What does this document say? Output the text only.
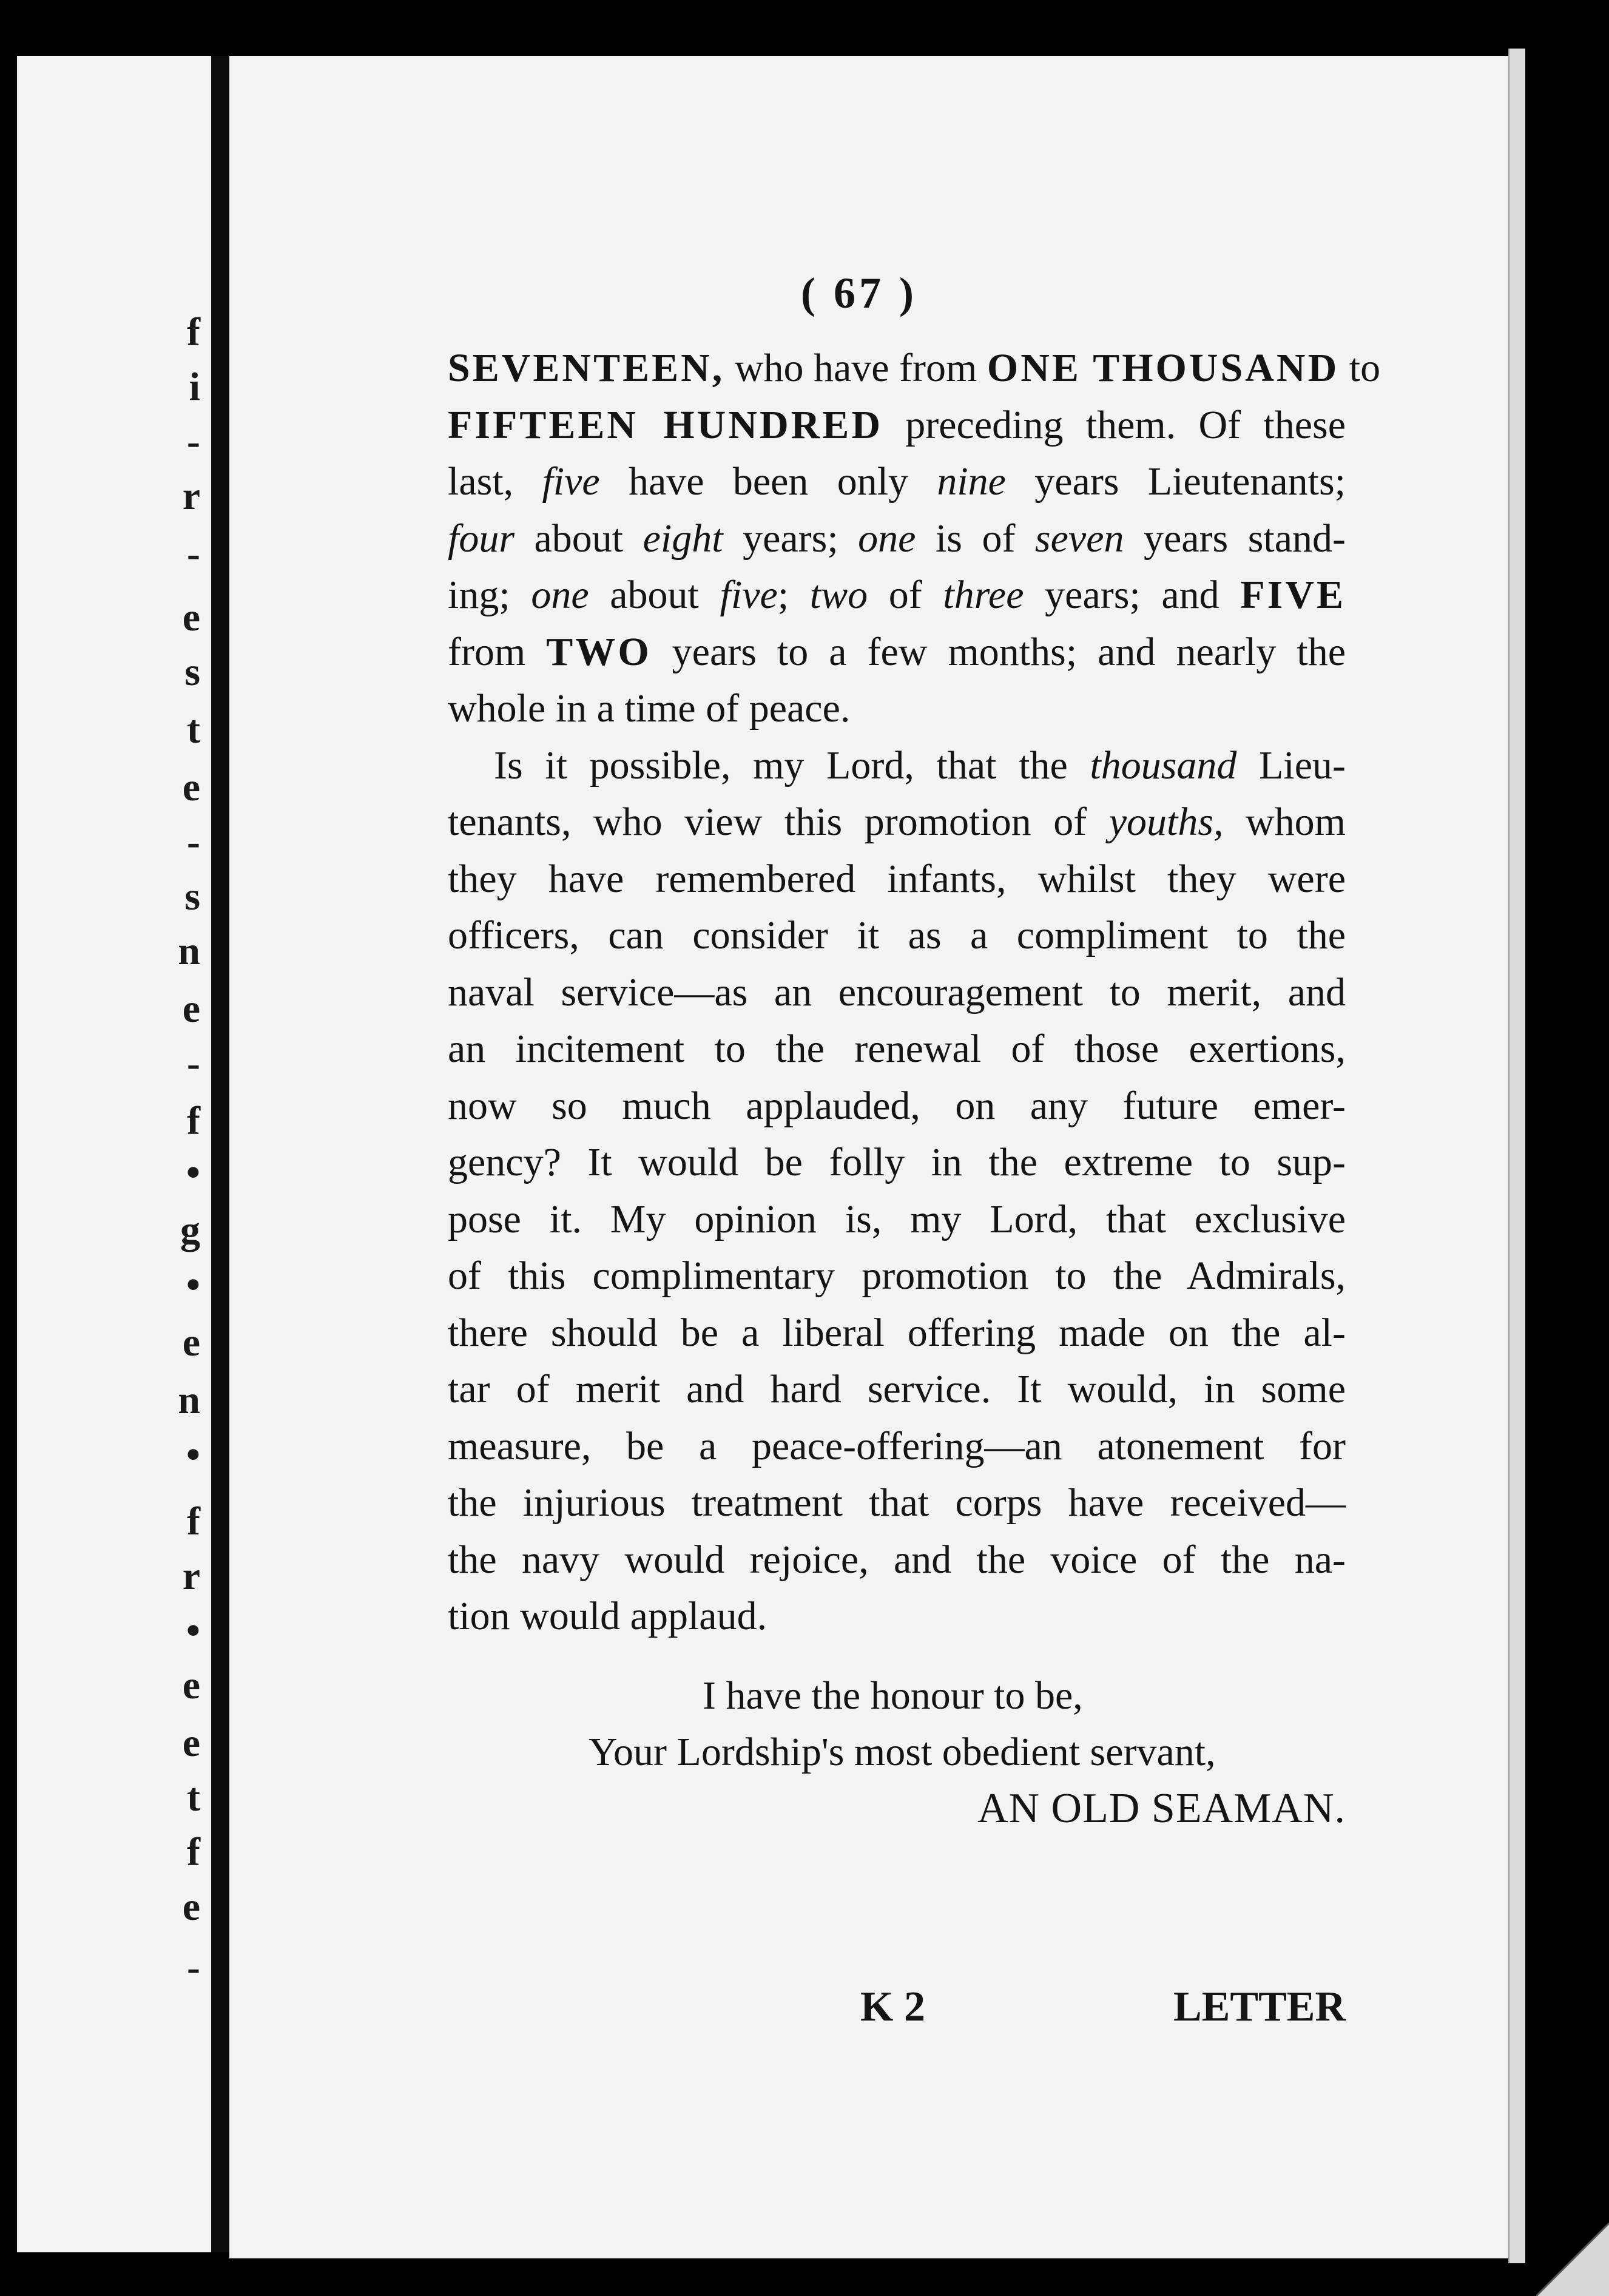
f
i
-
r
-
e
s
t
e
-
s
n
e
-
f
•
g
•
e
n
•
f
r
•
e
e
t
f
e
-
( 67 )
SEVENTEEN, who have from ONE THOUSAND to
FIFTEEN HUNDRED preceding them. Of these
last, five have been only nine years Lieutenants;
four about eight years; one is of seven years stand-
ing; one about five; two of three years; and FIVE
from TWO years to a few months; and nearly the
whole in a time of peace.
Is it possible, my Lord, that the thousand Lieu-
tenants, who view this promotion of youths, whom
they have remembered infants, whilst they were
officers, can consider it as a compliment to the
naval service—as an encouragement to merit, and
an incitement to the renewal of those exertions,
now so much applauded, on any future emer-
gency? It would be folly in the extreme to sup-
pose it. My opinion is, my Lord, that exclusive
of this complimentary promotion to the Admirals,
there should be a liberal offering made on the al-
tar of merit and hard service. It would, in some
measure, be a peace-offering—an atonement for
the injurious treatment that corps have received—
the navy would rejoice, and the voice of the na-
tion would applaud.
I have the honour to be,
Your Lordship's most obedient servant,
AN OLD SEAMAN.
K 2	LETTER
